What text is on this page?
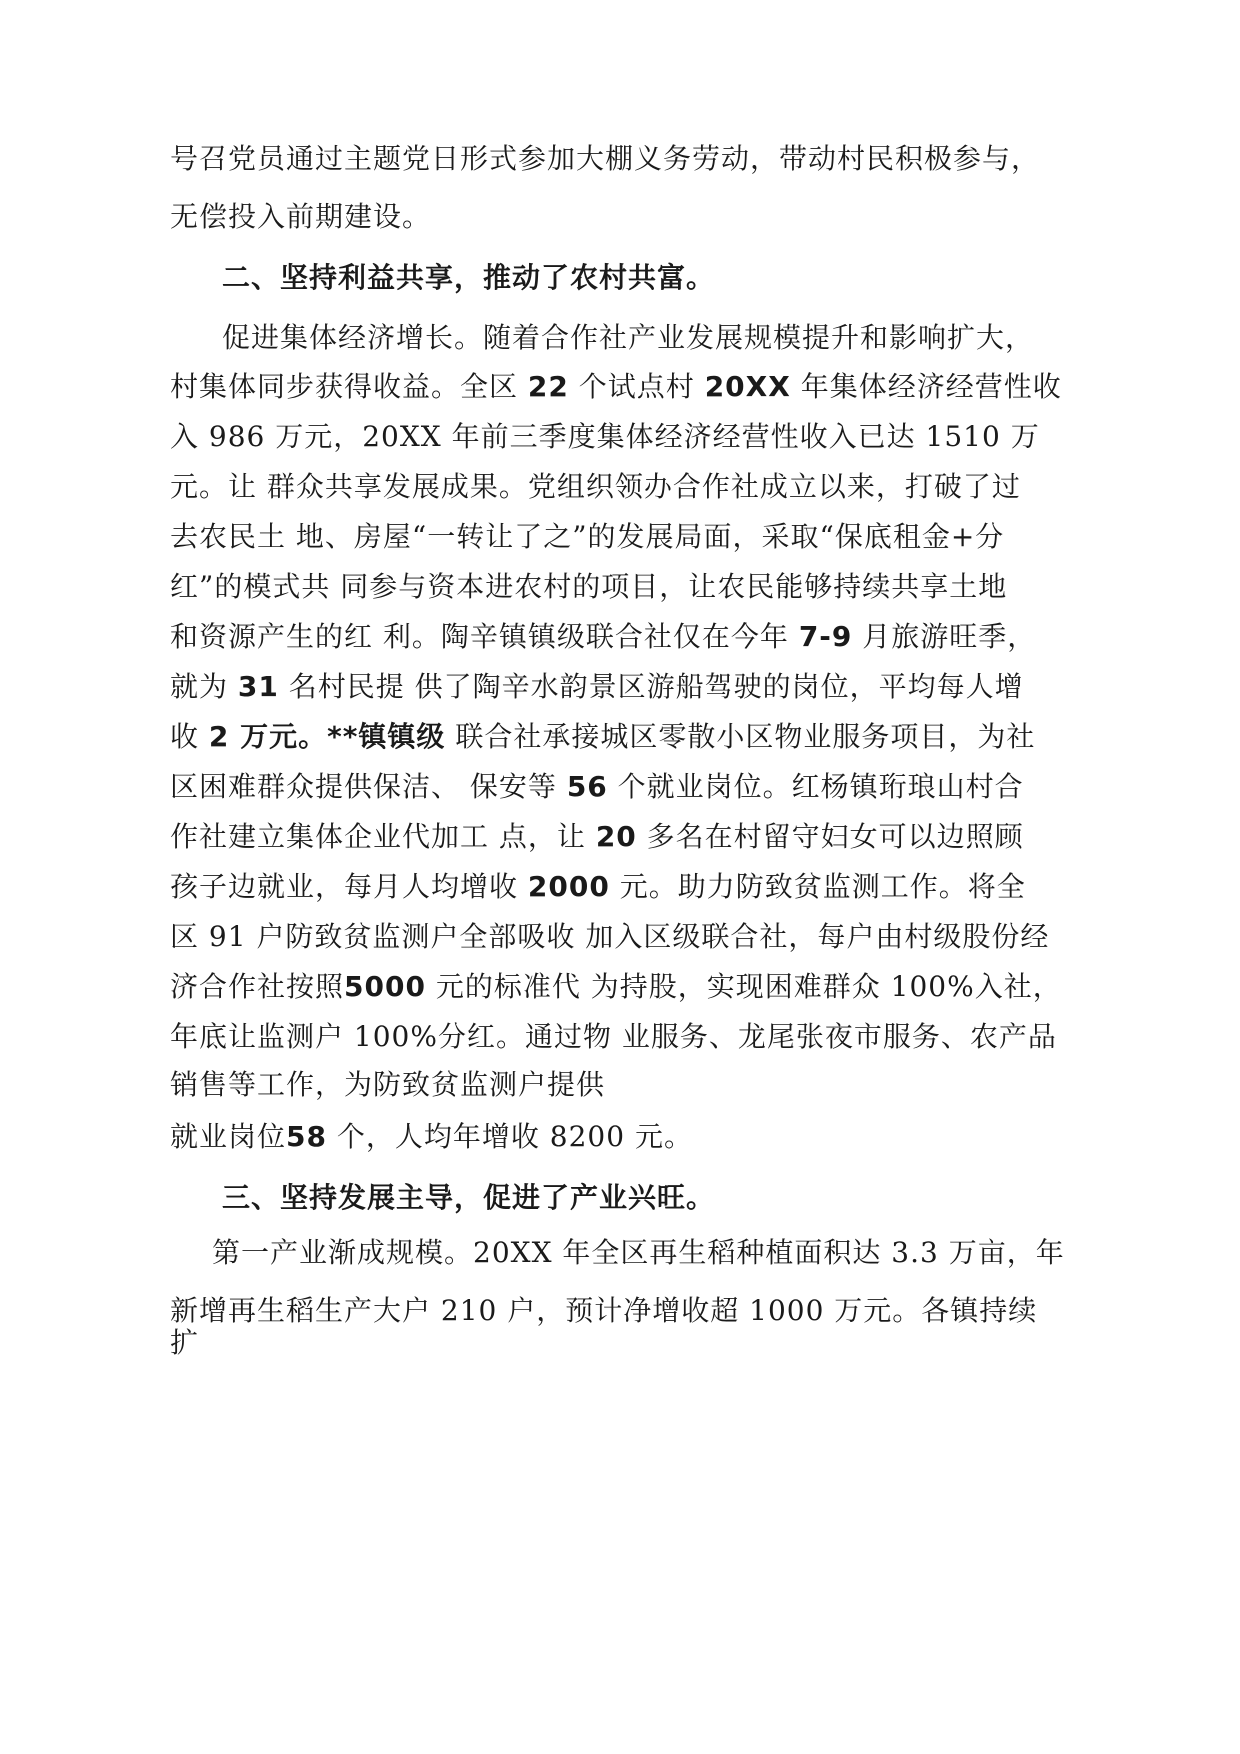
号召党员通过主题党日形式参加大棚义务劳动，带动村民积极参与，
无偿投入前期建设。
二、坚持利益共享，推动了农村共富。
促进集体经济增长。随着合作社产业发展规模提升和影响扩大，
村集体同步获得收益。全区 22 个试点村 20XX 年集体经济经营性收
入 986 万元，20XX 年前三季度集体经济经营性收入已达 1510 万
元。让 群众共享发展成果。党组织领办合作社成立以来，打破了过
去农民土 地、房屋“一转让了之”的发展局面，采取“保底租金+分
红”的模式共 同参与资本进农村的项目，让农民能够持续共享土地
和资源产生的红 利。陶辛镇镇级联合社仅在今年 7-9 月旅游旺季，
就为 31 名村民提 供了陶辛水韵景区游船驾驶的岗位，平均每人增
收 2 万元。**镇镇级 联合社承接城区零散小区物业服务项目，为社
区困难群众提供保洁、 保安等 56 个就业岗位。红杨镇珩琅山村合
作社建立集体企业代加工 点，让 20 多名在村留守妇女可以边照顾
孩子边就业，每月人均增收 2000 元。助力防致贫监测工作。将全
区 91 户防致贫监测户全部吸收 加入区级联合社，每户由村级股份经
济合作社按照5000 元的标准代 为持股，实现困难群众 100%入社，
年底让监测户 100%分红。通过物 业服务、龙尾张夜市服务、农产品
销售等工作，为防致贫监测户提供
就业岗位58 个，人均年增收 8200 元。
三、坚持发展主导，促进了产业兴旺。
第一产业渐成规模。20XX 年全区再生稻种植面积达 3.3 万亩，年
新增再生稻生产大户 210 户，预计净增收超 1000 万元。各镇持续
扩
